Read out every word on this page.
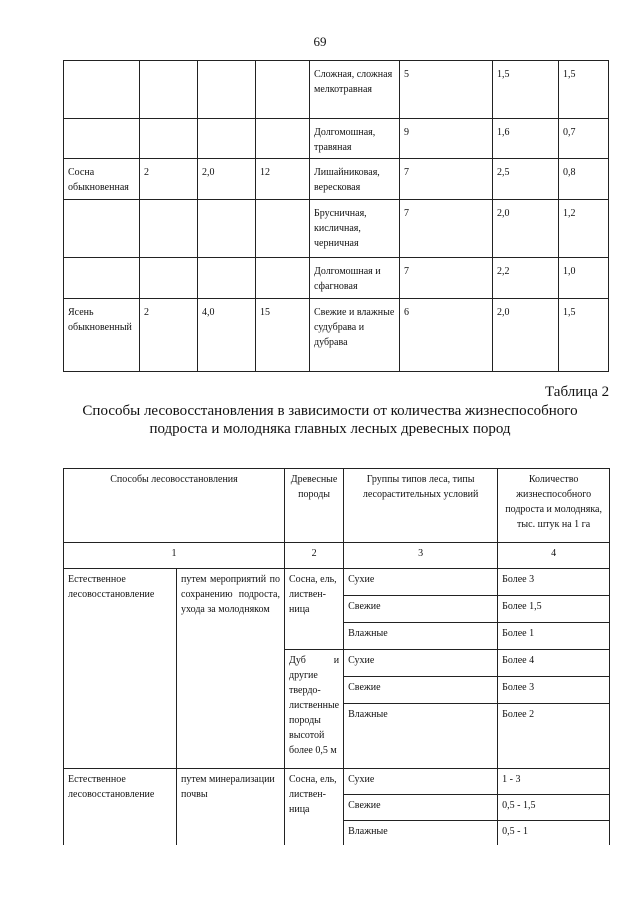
69
				Сложная, сложная мелкотравная	5	1,5	1,5
				Долгомошная, травяная	9	1,6	0,7
Сосна обыкновенная	2	2,0	12	Лишайниковая, вересковая	7	2,5	0,8
				Брусничная, кисличная, черничная	7	2,0	1,2
				Долгомошная и сфагновая	7	2,2	1,0
Ясень обыкновенный	2	4,0	15	Свежие и влажные судубрава и дубрава	6	2,0	1,5
Таблица 2
Способы лесовосстановления в зависимости от количества жизнеспособного подроста и молодняка главных лесных древесных пород
Способы лесовосстановления		Древесные породы	Группы типов леса, типы лесорастительных условий	Количество жизнеспособного подроста и молодняка, тыс. штук на 1 га
1		2	3	4
Естественное лесовосстановление	путем мероприятий по сохранению подроста, ухода за молодняком	Сосна, ель, листвен-ница	Сухие	Более 3
			Свежие	Более 1,5
			Влажные	Более 1
		Дуб и другие твердо-лиственные породы высотой более 0,5 м	Сухие	Более 4
			Свежие	Более 3
			Влажные	Более 2
Естественное лесовосстановление	путем минерализации почвы	Сосна, ель, листвен-ница	Сухие	1 - 3
			Свежие	0,5 - 1,5
			Влажные	0,5 - 1
